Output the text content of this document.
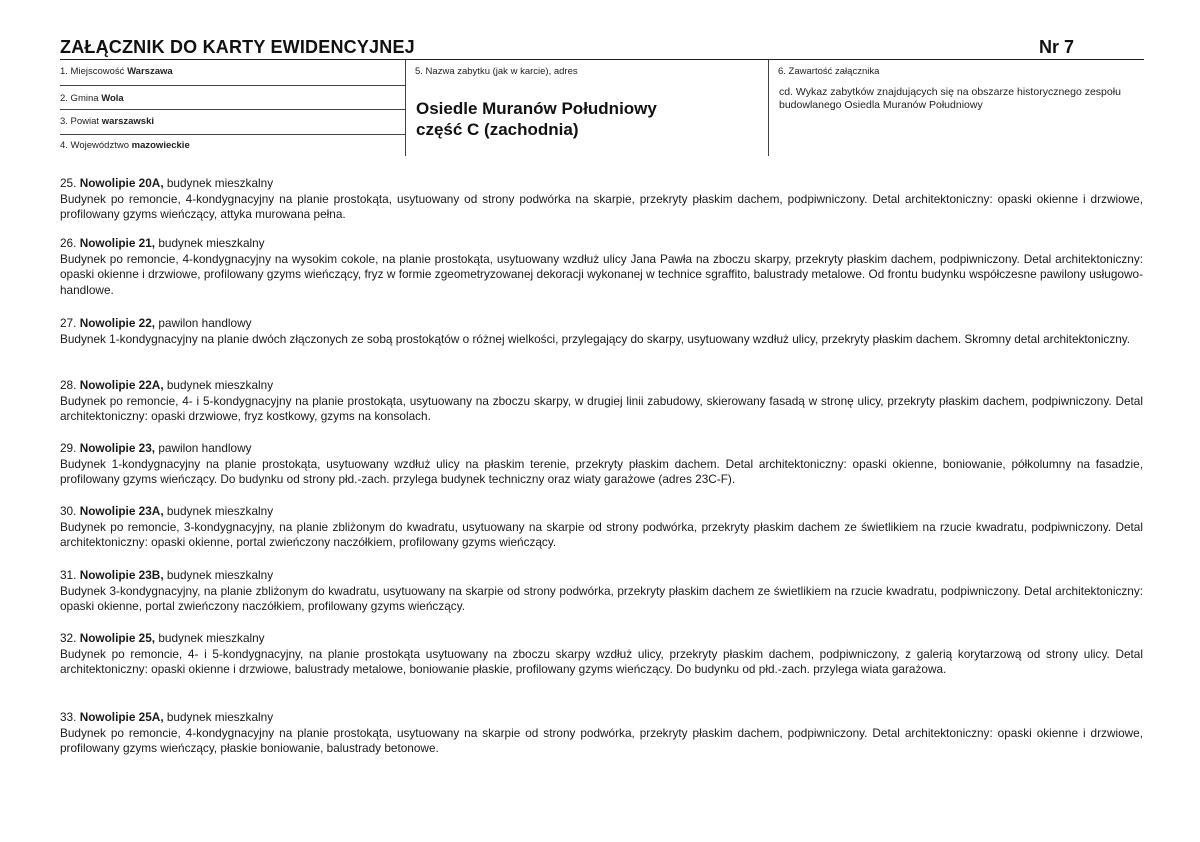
ZAŁĄCZNIK DO KARTY EWIDENCYJNEJ	Nr 7
1. Miejscowość Warszawa
2. Gmina Wola
3. Powiat warszawski
4. Województwo mazowieckie
5. Nazwa zabytku (jak w karcie), adres
Osiedle Muranów Południowy
część C (zachodnia)
6. Zawartość załącznika
cd. Wykaz zabytków znajdujących się na obszarze historycznego zespołu budowlanego Osiedla Muranów Południowy
25. Nowolipie 20A, budynek mieszkalny
Budynek po remoncie, 4-kondygnacyjny na planie prostokąta, usytuowany od strony podwórka na skarpie, przekryty płaskim dachem, podpiwniczony. Detal architektoniczny: opaski okienne i drzwiowe, profilowany gzyms wieńczący, attyka murowana pełna.
26. Nowolipie 21, budynek mieszkalny
Budynek po remoncie, 4-kondygnacyjny na wysokim cokole, na planie prostokąta, usytuowany wzdłuż ulicy Jana Pawła na zboczu skarpy, przekryty płaskim dachem, podpiwniczony. Detal architektoniczny: opaski okienne i drzwiowe, profilowany gzyms wieńczący, fryz w formie zgeometryzowanej dekoracji wykonanej w technice sgraffito, balustrady metalowe. Od frontu budynku współczesne pawilony usługowo-handlowe.
27. Nowolipie 22, pawilon handlowy
Budynek 1-kondygnacyjny na planie dwóch złączonych ze sobą prostokątów o różnej wielkości, przylegający do skarpy, usytuowany wzdłuż ulicy, przekryty płaskim dachem. Skromny detal architektoniczny.
28. Nowolipie 22A, budynek mieszkalny
Budynek po remoncie, 4- i 5-kondygnacyjny na planie prostokąta, usytuowany na zboczu skarpy, w drugiej linii zabudowy, skierowany fasadą w stronę ulicy, przekryty płaskim dachem, podpiwniczony. Detal architektoniczny: opaski drzwiowe, fryz kostkowy, gzyms na konsolach.
29. Nowolipie 23, pawilon handlowy
Budynek 1-kondygnacyjny na planie prostokąta, usytuowany wzdłuż ulicy na płaskim terenie, przekryty płaskim dachem. Detal architektoniczny: opaski okienne, boniowanie, półkolumny na fasadzie, profilowany gzyms wieńczący. Do budynku od strony płd.-zach. przylega budynek techniczny oraz wiaty garażowe (adres 23C-F).
30. Nowolipie 23A, budynek mieszkalny
Budynek po remoncie, 3-kondygnacyjny, na planie zbliżonym do kwadratu, usytuowany na skarpie od strony podwórka, przekryty płaskim dachem ze świetlikiem na rzucie kwadratu, podpiwniczony. Detal architektoniczny: opaski okienne, portal zwieńczony naczółkiem, profilowany gzyms wieńczący.
31. Nowolipie 23B, budynek mieszkalny
Budynek 3-kondygnacyjny, na planie zbliżonym do kwadratu, usytuowany na skarpie od strony podwórka, przekryty płaskim dachem ze świetlikiem na rzucie kwadratu, podpiwniczony. Detal architektoniczny: opaski okienne, portal zwieńczony naczółkiem, profilowany gzyms wieńczący.
32. Nowolipie 25, budynek mieszkalny
Budynek po remoncie, 4- i 5-kondygnacyjny, na planie prostokąta usytuowany na zboczu skarpy wzdłuż ulicy, przekryty płaskim dachem, podpiwniczony, z galerią korytarzową od strony ulicy. Detal architektoniczny: opaski okienne i drzwiowe, balustrady metalowe, boniowanie płaskie, profilowany gzyms wieńczący. Do budynku od płd.-zach. przylega wiata garażowa.
33. Nowolipie 25A, budynek mieszkalny
Budynek po remoncie, 4-kondygnacyjny na planie prostokąta, usytuowany na skarpie od strony podwórka, przekryty płaskim dachem, podpiwniczony. Detal architektoniczny: opaski okienne i drzwiowe, profilowany gzyms wieńczący, płaskie boniowanie, balustrady betonowe.
